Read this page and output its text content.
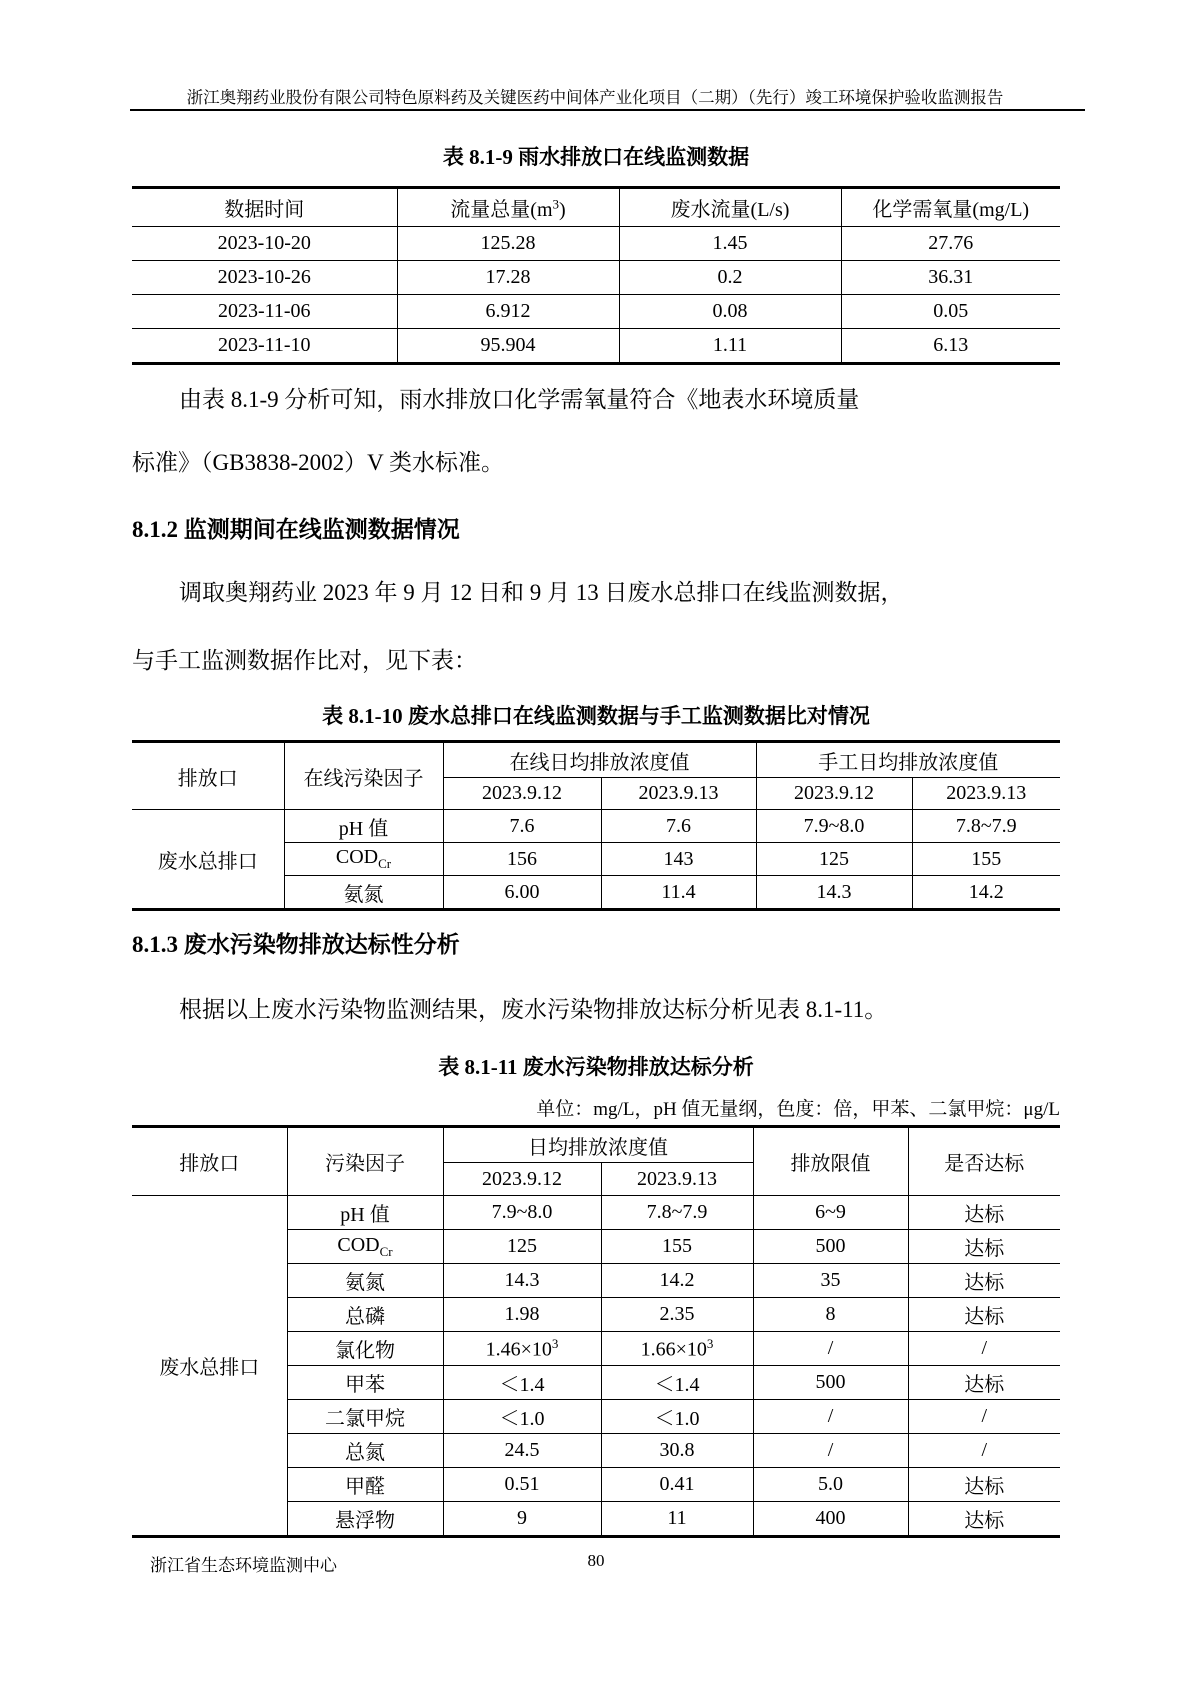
浙江奥翔药业股份有限公司特色原料药及关键医药中间体产业化项目（二期）（先行）竣工环境保护验收监测报告
表 8.1-9 雨水排放口在线监测数据
数据时间	流量总量$(m^3)$	废水流量(L/s)	化学需氧量(mg/L)
2023-10-20	125.28	1.45	27.76
2023-10-26	17.28	0.2	36.31
2023-11-06	6.912	0.08	0.05
2023-11-10	95.904	1.11	6.13
由表 8.1-9 分析可知，雨水排放口化学需氧量符合《地表水环境质量
标准》（GB3838-2002）V 类水标准。
8.1.2 监测期间在线监测数据情况
调取奥翔药业 2023 年 9 月 12 日和 9 月 13 日废水总排口在线监测数据，
与手工监测数据作比对，见下表：
表 8.1-10 废水总排口在线监测数据与手工监测数据比对情况
排放口	在线污染因子	在线日均排放浓度值		手工日均排放浓度值	
		2023.9.12	2023.9.13	2023.9.12	2023.9.13
废水总排口	pH 值	7.6	7.6	7.9~8.0	7.8~7.9
	$COD_{Cr}$	156	143	125	155
	氨氮	6.00	11.4	14.3	14.2
8.1.3 废水污染物排放达标性分析
根据以上废水污染物监测结果，废水污染物排放达标分析见表 8.1-11。
表 8.1-11 废水污染物排放达标分析
单位：mg/L，pH 值无量纲，色度：倍，甲苯、二氯甲烷：μg/L
排放口	污染因子	日均排放浓度值		排放限值	是否达标
		2023.9.12	2023.9.13		
废水总排口	pH 值	7.9~8.0	7.8~7.9	6~9	达标
	$COD_{Cr}$	125	155	500	达标
	氨氮	14.3	14.2	35	达标
	总磷	1.98	2.35	8	达标
	氯化物	$1.46\times 10^3$	$1.66\times 10^3$	/	/
	甲苯	＜1.4	＜1.4	500	达标
	二氯甲烷	＜1.0	＜1.0	/	/
	总氮	24.5	30.8	/	/
	甲醛	0.51	0.41	5.0	达标
	悬浮物	9	11	400	达标
浙江省生态环境监测中心	80
